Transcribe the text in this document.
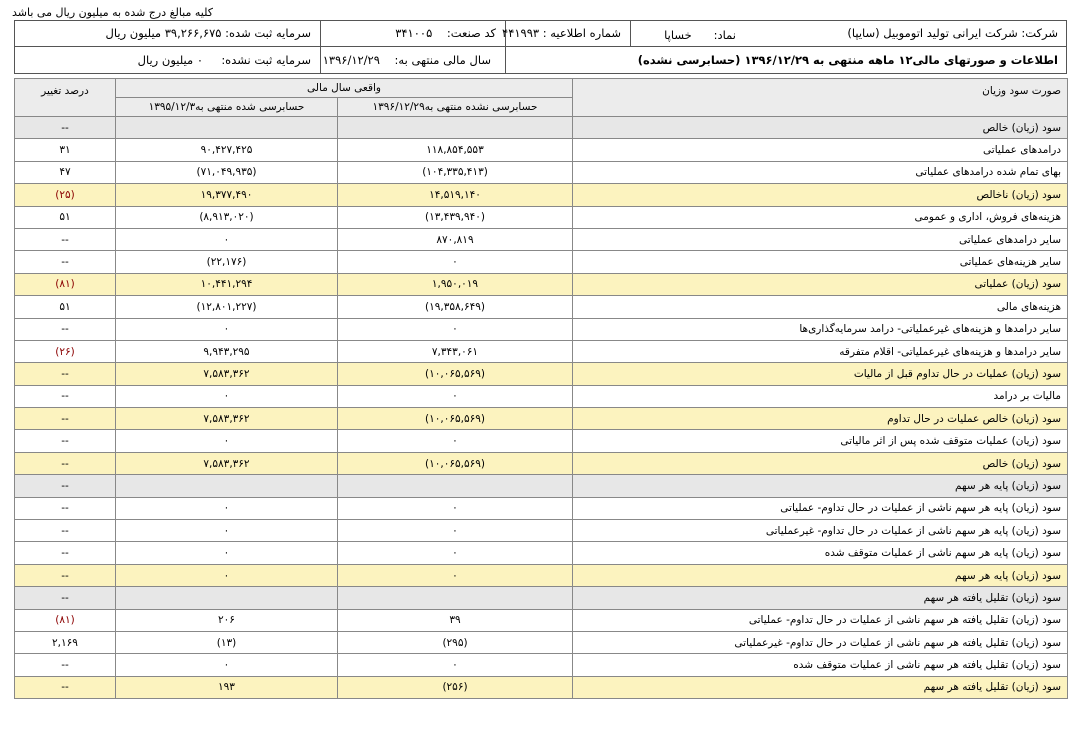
کلیه مبالغ درج شده به میلیون ریال می باشد
شرکت: شرکت ایرانی تولید اتوموبیل (سایپا)
نماد:      خساپا
شماره اطلاعیه : ۴۴۱۹۹۳
کد صنعت:    ۳۴۱۰۰۵
سرمایه ثبت شده: ۳۹,۲۶۶,۶۷۵ میلیون ریال
اطلاعات و صورتهای مالی۱۲ ماهه منتهی به ۱۳۹۶/۱۲/۲۹ (حسابرسی نشده)
سال مالی منتهی به:    ۱۳۹۶/۱۲/۲۹
سرمایه ثبت نشده:     ۰ میلیون ریال
صورت سود وزیان	واقعی سال مالی		درصد تغییر
	حسابرسی نشده منتهی به۱۳۹۶/۱۲/۲۹	حسابرسی شده منتهی به۱۳۹۵/۱۲/۳	
سود (زیان) خالص			--
درامدهای عملیاتی	۱۱۸,۸۵۴,۵۵۳	۹۰,۴۲۷,۴۲۵	۳۱
بهای تمام شده درامدهای عملیاتی	(۱۰۴,۳۳۵,۴۱۳)	(۷۱,۰۴۹,۹۳۵)	۴۷
سود (زیان) ناخالص	۱۴,۵۱۹,۱۴۰	۱۹,۳۷۷,۴۹۰	(۲۵)
هزینه‌های فروش، اداری و عمومی	(۱۳,۴۳۹,۹۴۰)	(۸,۹۱۳,۰۲۰)	۵۱
سایر درامدهای عملیاتی	۸۷۰,۸۱۹	۰	--
سایر هزینه‌های عملیاتی	۰	(۲۲,۱۷۶)	--
سود (زیان) عملیاتی	۱,۹۵۰,۰۱۹	۱۰,۴۴۱,۲۹۴	(۸۱)
هزینه‌های مالی	(۱۹,۳۵۸,۶۴۹)	(۱۲,۸۰۱,۲۲۷)	۵۱
سایر درامدها و هزینه‌های غیرعملیاتی- درامد سرمایه‌گذاری‌ها	۰	۰	--
سایر درامدها و هزینه‌های غیرعملیاتی- اقلام متفرقه	۷,۳۴۳,۰۶۱	۹,۹۴۳,۲۹۵	(۲۶)
سود (زیان) عملیات در حال تداوم قبل از مالیات	(۱۰,۰۶۵,۵۶۹)	۷,۵۸۳,۳۶۲	--
مالیات بر درامد	۰	۰	--
سود (زیان) خالص عملیات در حال تداوم	(۱۰,۰۶۵,۵۶۹)	۷,۵۸۳,۳۶۲	--
سود (زیان) عملیات متوقف شده پس از اثر مالیاتی	۰	۰	--
سود (زیان) خالص	(۱۰,۰۶۵,۵۶۹)	۷,۵۸۳,۳۶۲	--
سود (زیان) پایه هر سهم			--
سود (زیان) پایه هر سهم ناشی از عملیات در حال تداوم- عملیاتی	۰	۰	--
سود (زیان) پایه هر سهم ناشی از عملیات در حال تداوم- غیرعملیاتی	۰	۰	--
سود (زیان) پایه هر سهم ناشی از عملیات متوقف شده	۰	۰	--
سود (زیان) پایه هر سهم	۰	۰	--
سود (زیان) تقلیل یافته هر سهم			--
سود (زیان) تقلیل یافته هر سهم ناشی از عملیات در حال تداوم- عملیاتی	۳۹	۲۰۶	(۸۱)
سود (زیان) تقلیل یافته هر سهم ناشی از عملیات در حال تداوم- غیرعملیاتی	(۲۹۵)	(۱۳)	۲,۱۶۹
سود (زیان) تقلیل یافته هر سهم ناشی از عملیات متوقف شده	۰	۰	--
سود (زیان) تقلیل یافته هر سهم	(۲۵۶)	۱۹۳	--
